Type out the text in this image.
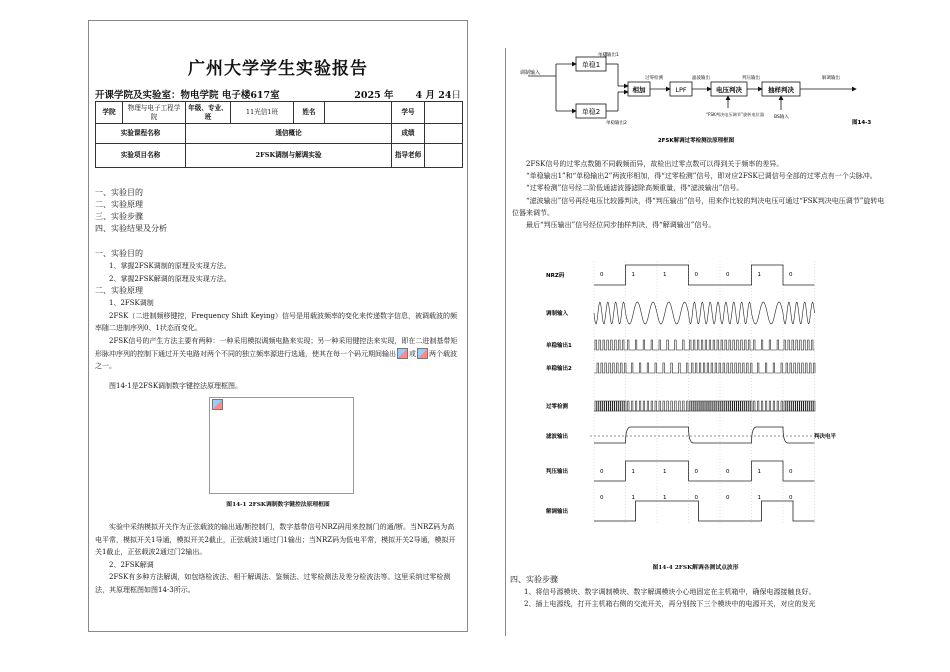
广州大学学生实验报告
开课学院及实验室： 物电学院 电子楼617室	2025 年 4 月 24 日
学院	物理与电子工程学院	年级、专业、班	11光信1班	姓名		学号	
实验课程名称		通信概论				成绩	
实验项目名称		2FSK调制与解调实验				指导老师	
一、实验目的
二、实验原理
三、实验步骤
四、实验结果及分析
一、实验目的
1、掌握2FSK调制的原理及实现方法。
2、掌握2FSK解调的原理及实现方法。
二、实验原理
1、2FSK调制
2FSK（二进制频移键控，Frequency Shift Keying）信号是用载波频率的变化来传递数字信息，被调载波的频率随二进制序列0、1状态而变化。
2FSK信号的产生方法主要有两种：一种采用模拟调频电路来实现；另一种采用键控法来实现，即在二进制基带矩形脉冲序列的控制下通过开关电路对两个不同的独立频率源进行选通，使其在每一个码元期间输出 或 两个载波之一。
图14-1是2FSK调制数字键控法原理框图。
图14-1 2FSK调制数字键控法原理框图
实验中采纳模拟开关作为正弦载波的输出通/断控制门，数字基带信号NRZ码用来控制门的通/断。当NRZ码为高电平常，模拟开关1导通，模拟开关2截止，正弦载波1通过门1输出；当NRZ码为低电平常，模拟开关2导通，模拟开关1截止，正弦载波2通过门2输出。
2、2FSK解调
2FSK有多种方法解调，如包络检波法、相干解调法、鉴频法、过零检测法及差分检波法等。这里采纳过零检测法，其原理框图如图14-3所示。
调制输入
单稳1
单稳2
相加	LPF	电压判决	抽样判决
单稳输出1
单稳输出2
过零检测	滤波输出	判压输出	解调输出
“FSK判决电压调节”旋转电位器
BS输入
图14-3
2FSK解调过零检测法原理框图
2FSK信号的过零点数随不同载频而异，故检出过零点数可以得到关于频率的差异。
“单稳输出1”和“单稳输出2”两波形相加，得“过零检测”信号，即对应2FSK已调信号全部的过零点有一个尖脉冲。
“过零检测”信号经二阶低通滤波器滤除高频重量，得“滤波输出”信号。
“滤波输出”信号再经电压比较器判决，得“判压输出”信号，用来作比较的判决电压可通过“FSK判决电压调节”旋转电位器来调节。
最后“判压输出”信号经位同步抽样判决，得“解调输出”信号。
NRZ码
调制输入
单稳输出1
单稳输出2
过零检测
滤波输出
判压输出
解调输出
0	1	1	0	0	1	0
判决电平
0	1	1	0	0	1	0
0	1	1	0	0	1	0
图14-4 2FSK解调各测试点波形
四、实验步骤
1、将信号源模块、数字调制模块、数字解调模块小心地固定在主机箱中，确保电源接触良好。
2、插上电源线，打开主机箱右侧的交流开关，再分别按下三个模块中的电源开关，对应的发光
